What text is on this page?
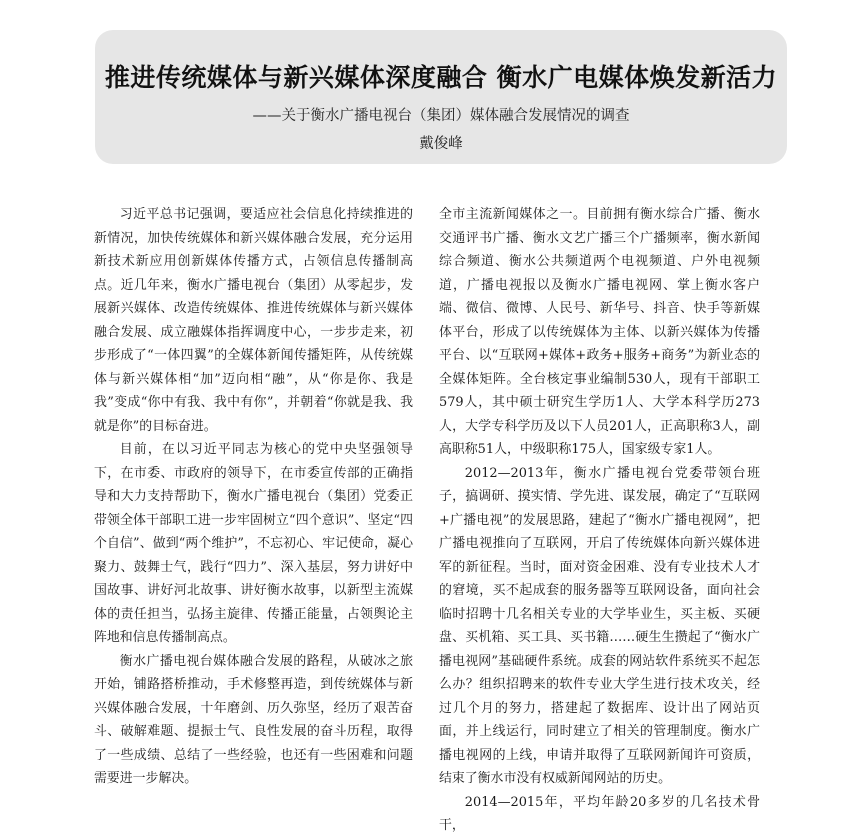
推进传统媒体与新兴媒体深度融合 衡水广电媒体焕发新活力
——关于衡水广播电视台（集团）媒体融合发展情况的调查
戴俊峰

习近平总书记强调，要适应社会信息化持续推进的新情况，加快传统媒体和新兴媒体融合发展，充分运用新技术新应用创新媒体传播方式，占领信息传播制高点。近几年来，衡水广播电视台（集团）从零起步，发展新兴媒体、改造传统媒体、推进传统媒体与新兴媒体融合发展、成立融媒体指挥调度中心，一步步走来，初步形成了“一体四翼”的全媒体新闻传播矩阵，从传统媒体与新兴媒体相“加”迈向相“融”，从“你是你、我是我”变成“你中有我、我中有你”，并朝着“你就是我、我就是你”的目标奋进。

目前，在以习近平同志为核心的党中央坚强领导下，在市委、市政府的领导下，在市委宣传部的正确指导和大力支持帮助下，衡水广播电视台（集团）党委正带领全体干部职工进一步牢固树立“四个意识”、坚定“四个自信”、做到“两个维护”，不忘初心、牢记使命，凝心聚力、鼓舞士气，践行“四力”、深入基层，努力讲好中国故事、讲好河北故事、讲好衡水故事，以新型主流媒体的责任担当，弘扬主旋律、传播正能量，占领舆论主阵地和信息传播制高点。

衡水广播电视台媒体融合发展的路程，从破冰之旅开始，铺路搭桥推动，手术修整再造，到传统媒体与新兴媒体融合发展，十年磨剑、历久弥坚，经历了艰苦奋斗、破解难题、提振士气、良性发展的奋斗历程，取得了一些成绩、总结了一些经验，也还有一些困难和问题需要进一步解决。

全市主流新闻媒体之一。目前拥有衡水综合广播、衡水交通评书广播、衡水文艺广播三个广播频率，衡水新闻综合频道、衡水公共频道两个电视频道、户外电视频道，广播电视报以及衡水广播电视网、掌上衡水客户端、微信、微博、人民号、新华号、抖音、快手等新媒体平台，形成了以传统媒体为主体、以新兴媒体为传播平台、以“互联网+媒体+政务+服务+商务”为新业态的全媒体矩阵。全台核定事业编制530人，现有干部职工579人，其中硕士研究生学历1人、大学本科学历273人，大学专科学历及以下人员201人，正高职称3人，副高职称51人，中级职称175人，国家级专家1人。

2012—2013年，衡水广播电视台党委带领台班子，搞调研、摸实情、学先进、谋发展，确定了“互联网+广播电视”的发展思路，建起了“衡水广播电视网”，把广播电视推向了互联网，开启了传统媒体向新兴媒体进军的新征程。当时，面对资金困难、没有专业技术人才的窘境，买不起成套的服务器等互联网设备，面向社会临时招聘十几名相关专业的大学毕业生，买主板、买硬盘、买机箱、买工具、买书籍……硬生生攒起了“衡水广播电视网”基础硬件系统。成套的网站软件系统买不起怎么办？组织招聘来的软件专业大学生进行技术攻关，经过几个月的努力，搭建起了数据库、设计出了网站页面，并上线运行，同时建立了相关的管理制度。衡水广播电视网的上线，申请并取得了互联网新闻许可资质，结束了衡水市没有权威新闻网站的历史。

2014—2015年，平均年龄20多岁的几名技术骨干，
